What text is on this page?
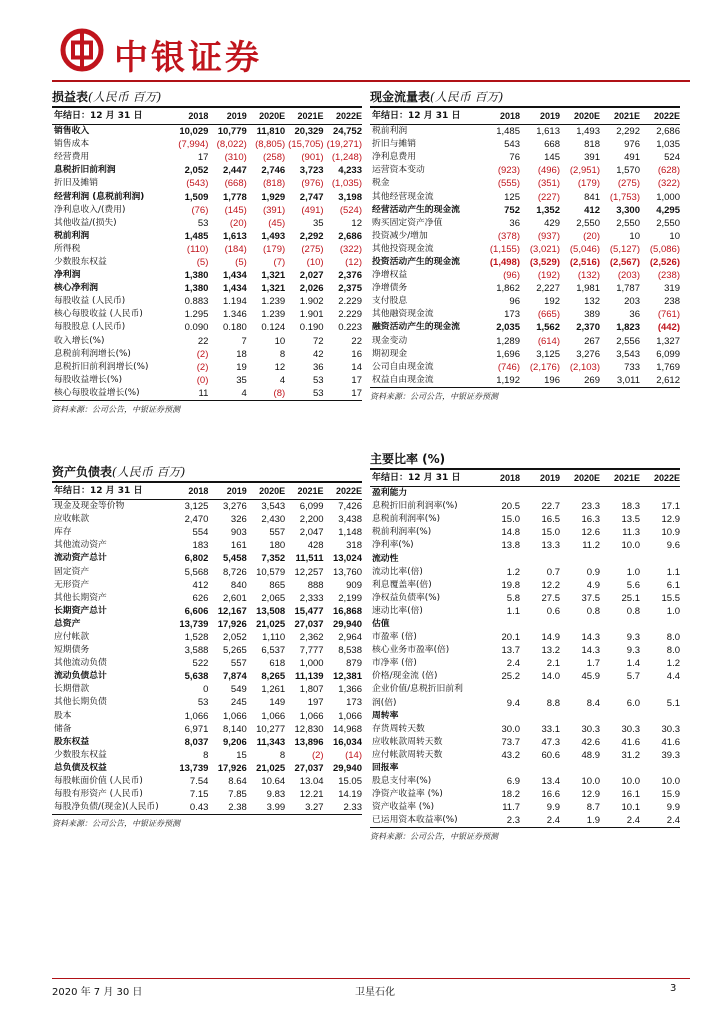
中银证券
损益表(人民币 百万)
年结日：12 月 31 日	2018	2019	2020E	2021E	2022E
销售收入	10,029	10,779	11,810	20,329	24,752
销售成本	(7,994)	(8,022)	(8,805)	(15,705)	(19,271)
经营费用	17	(310)	(258)	(901)	(1,248)
息税折旧前利润	2,052	2,447	2,746	3,723	4,233
折旧及摊销	(543)	(668)	(818)	(976)	(1,035)
经营利润 (息税前利润)	1,509	1,778	1,929	2,747	3,198
净利息收入/(费用)	(76)	(145)	(391)	(491)	(524)
其他收益/(损失)	53	(20)	(45)	35	12
税前利润	1,485	1,613	1,493	2,292	2,686
所得税	(110)	(184)	(179)	(275)	(322)
少数股东权益	(5)	(5)	(7)	(10)	(12)
净利润	1,380	1,434	1,321	2,027	2,376
核心净利润	1,380	1,434	1,321	2,026	2,375
每股收益 (人民币)	0.883	1.194	1.239	1.902	2.229
核心每股收益 (人民币)	1.295	1.346	1.239	1.901	2.229
每股股息 (人民币)	0.090	0.180	0.124	0.190	0.223
收入增长(%)	22	7	10	72	22
息税前利润增长(%)	(2)	18	8	42	16
息税折旧前利润增长(%)	(2)	19	12	36	14
每股收益增长(%)	(0)	35	4	53	17
核心每股收益增长(%)	11	4	(8)	53	17
资料来源：公司公告，中银证券预测
资产负债表(人民币 百万)
年结日：12 月 31 日	2018	2019	2020E	2021E	2022E
现金及现金等价物	3,125	3,276	3,543	6,099	7,426
应收帐款	2,470	326	2,430	2,200	3,438
库存	554	903	557	2,047	1,148
其他流动资产	183	161	180	428	318
流动资产总计	6,802	5,458	7,352	11,511	13,024
固定资产	5,568	8,726	10,579	12,257	13,760
无形资产	412	840	865	888	909
其他长期资产	626	2,601	2,065	2,333	2,199
长期资产总计	6,606	12,167	13,508	15,477	16,868
总资产	13,739	17,926	21,025	27,037	29,940
应付帐款	1,528	2,052	1,110	2,362	2,964
短期债务	3,588	5,265	6,537	7,777	8,538
其他流动负债	522	557	618	1,000	879
流动负债总计	5,638	7,874	8,265	11,139	12,381
长期借款	0	549	1,261	1,807	1,366
其他长期负债	53	245	149	197	173
股本	1,066	1,066	1,066	1,066	1,066
储备	6,971	8,140	10,277	12,830	14,968
股东权益	8,037	9,206	11,343	13,896	16,034
少数股东权益	8	15	8	(2)	(14)
总负债及权益	13,739	17,926	21,025	27,037	29,940
每股帐面价值 (人民币)	7.54	8.64	10.64	13.04	15.05
每股有形资产 (人民币)	7.15	7.85	9.83	12.21	14.19
每股净负债/(现金)(人民币)	0.43	2.38	3.99	3.27	2.33
资料来源：公司公告，中银证券预测
现金流量表(人民币 百万)
年结日：12 月 31 日	2018	2019	2020E	2021E	2022E
税前利润	1,485	1,613	1,493	2,292	2,686
折旧与摊销	543	668	818	976	1,035
净利息费用	76	145	391	491	524
运营资本变动	(923)	(496)	(2,951)	1,570	(628)
税金	(555)	(351)	(179)	(275)	(322)
其他经营现金流	125	(227)	841	(1,753)	1,000
经营活动产生的现金流	752	1,352	412	3,300	4,295
购买固定资产净值	36	429	2,550	2,550	2,550
投资减少/增加	(378)	(937)	(20)	10	10
其他投资现金流	(1,155)	(3,021)	(5,046)	(5,127)	(5,086)
投资活动产生的现金流	(1,498)	(3,529)	(2,516)	(2,567)	(2,526)
净增权益	(96)	(192)	(132)	(203)	(238)
净增债务	1,862	2,227	1,981	1,787	319
支付股息	96	192	132	203	238
其他融资现金流	173	(665)	389	36	(761)
融资活动产生的现金流	2,035	1,562	2,370	1,823	(442)
现金变动	1,289	(614)	267	2,556	1,327
期初现金	1,696	3,125	3,276	3,543	6,099
公司自由现金流	(746)	(2,176)	(2,103)	733	1,769
权益自由现金流	1,192	196	269	3,011	2,612
资料来源：公司公告，中银证券预测
主要比率 (%)
年结日：12 月 31 日	2018	2019	2020E	2021E	2022E
盈利能力					
息税折旧前利润率(%)	20.5	22.7	23.3	18.3	17.1
息税前利润率(%)	15.0	16.5	16.3	13.5	12.9
税前利润率(%)	14.8	15.0	12.6	11.3	10.9
净利率(%)	13.8	13.3	11.2	10.0	9.6
流动性					
流动比率(倍)	1.2	0.7	0.9	1.0	1.1
利息覆盖率(倍)	19.8	12.2	4.9	5.6	6.1
净权益负债率(%)	5.8	27.5	37.5	25.1	15.5
速动比率(倍)	1.1	0.6	0.8	0.8	1.0
估值					
市盈率 (倍)	20.1	14.9	14.3	9.3	8.0
核心业务市盈率(倍)	13.7	13.2	14.3	9.3	8.0
市净率 (倍)	2.4	2.1	1.7	1.4	1.2
价格/现金流 (倍)	25.2	14.0	45.9	5.7	4.4
企业价值/息税折旧前利					
润(倍)	9.4	8.8	8.4	6.0	5.1
周转率					
存货周转天数	30.0	33.1	30.3	30.3	30.3
应收帐款周转天数	73.7	47.3	42.6	41.6	41.6
应付帐款周转天数	43.2	60.6	48.9	31.2	39.3
回报率					
股息支付率(%)	6.9	13.4	10.0	10.0	10.0
净资产收益率 (%)	18.2	16.6	12.9	16.1	15.9
资产收益率 (%)	11.7	9.9	8.7	10.1	9.9
已运用资本收益率(%)	2.3	2.4	1.9	2.4	2.4
资料来源：公司公告，中银证券预测
2020 年 7 月 30 日	卫星石化	3
